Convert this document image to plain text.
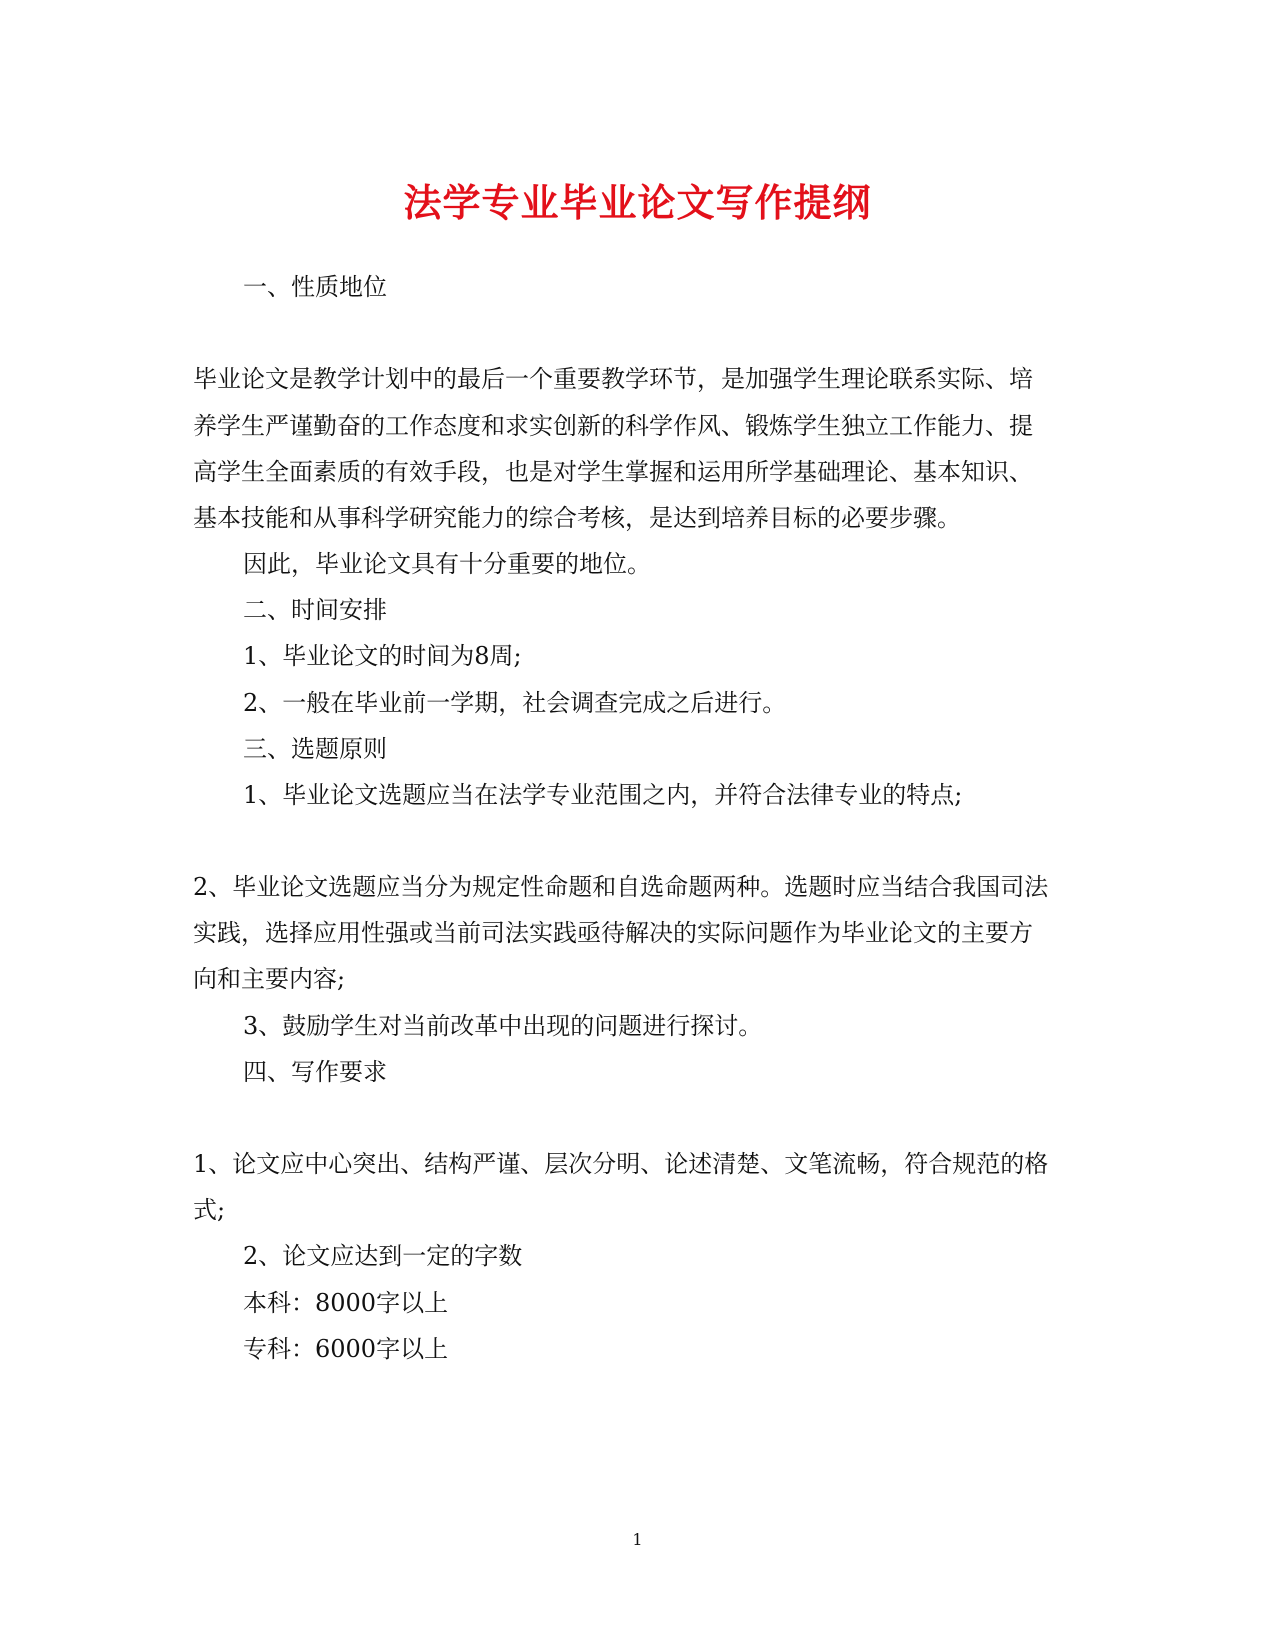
法学专业毕业论文写作提纲
一、性质地位
毕业论文是教学计划中的最后一个重要教学环节，是加强学生理论联系实际、培
养学生严谨勤奋的工作态度和求实创新的科学作风、锻炼学生独立工作能力、提
高学生全面素质的有效手段，也是对学生掌握和运用所学基础理论、基本知识、
基本技能和从事科学研究能力的综合考核，是达到培养目标的必要步骤。
因此，毕业论文具有十分重要的地位。
二、时间安排
1、毕业论文的时间为8周;
2、一般在毕业前一学期，社会调查完成之后进行。
三、选题原则
1、毕业论文选题应当在法学专业范围之内，并符合法律专业的特点;
2、毕业论文选题应当分为规定性命题和自选命题两种。选题时应当结合我国司法
实践，选择应用性强或当前司法实践亟待解决的实际问题作为毕业论文的主要方
向和主要内容;
3、鼓励学生对当前改革中出现的问题进行探讨。
四、写作要求
1、论文应中心突出、结构严谨、层次分明、论述清楚、文笔流畅，符合规范的格
式;
2、论文应达到一定的字数
本科：8000字以上
专科：6000字以上
1
